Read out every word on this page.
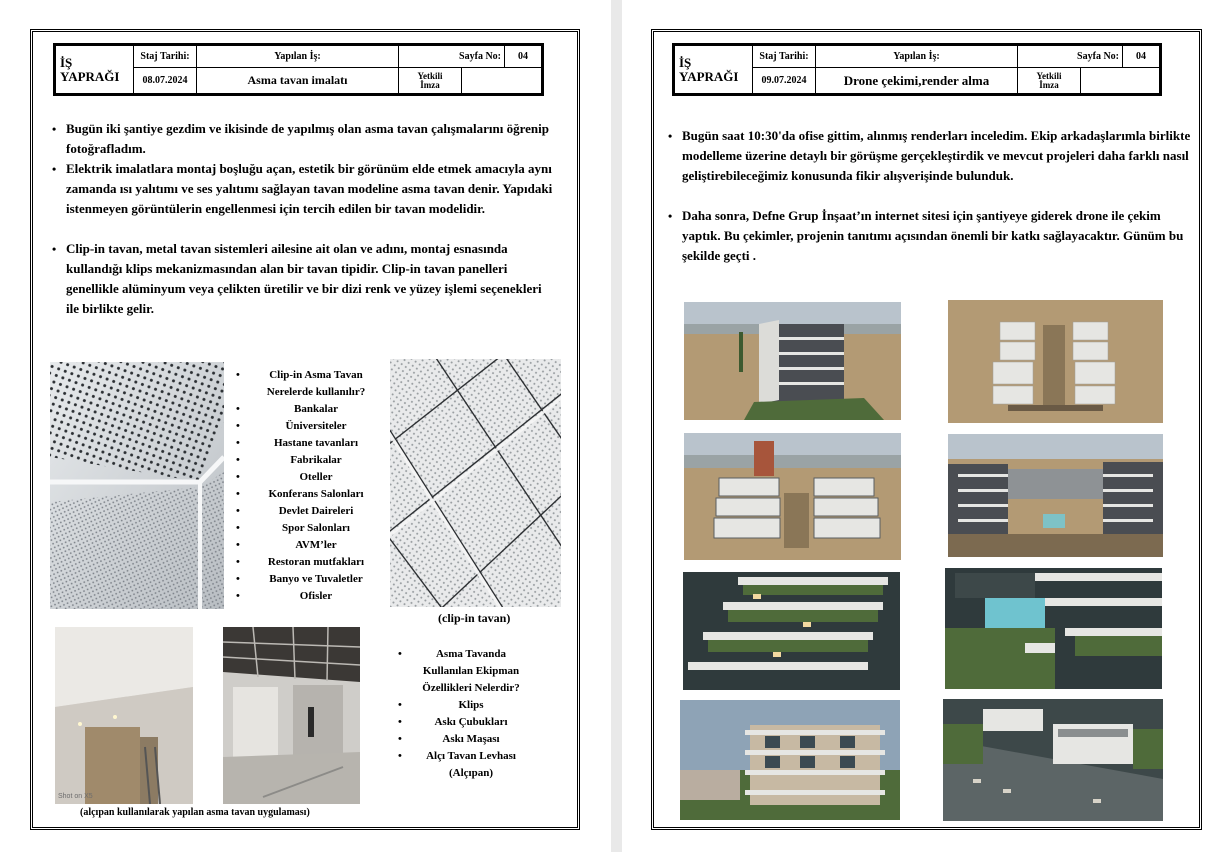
İŞ
YAPRAĞI	Staj Tarihi:	Yapılan İş:	Sayfa No:		04
	08.07.2024	Asma tavan imalatı	Yetkili
İmza		

• Bugün iki şantiye gezdim ve ikisinde de yapılmış olan asma tavan çalışmalarını öğrenip fotoğrafladım.
• Elektrik imalatlara montaj boşluğu açan, estetik bir görünüm elde etmek amacıyla aynı zamanda ısı yalıtımı ve ses yalıtımı sağlayan tavan modeline asma tavan denir. Yapıdaki istenmeyen görüntülerin engellenmesi için tercih edilen bir tavan modelidir.
• Clip-in tavan, metal tavan sistemleri ailesine ait olan ve adını, montaj esnasında kullandığı klips mekanizmasından alan bir tavan tipidir. Clip-in tavan panelleri genellikle alüminyum veya çelikten üretilir ve bir dizi renk ve yüzey işlemi seçenekleri ile birlikte gelir.
• Clip-in Asma Tavan Nerelerde kullanılır?
• Bankalar
• Üniversiteler
• Hastane tavanları
• Fabrikalar
• Oteller
• Konferans Salonları
• Devlet Daireleri
• Spor Salonları
• AVM’ler
• Restoran mutfakları
• Banyo ve Tuvaletler
• Ofisler
(clip-in tavan)
Shot on X5
• Asma Tavanda Kullanılan Ekipman Özellikleri Nelerdir?
• Klips
• Askı Çubukları
• Askı Maşası
• Alçı Tavan Levhası (Alçıpan)
(alçıpan kullanılarak yapılan asma tavan uygulaması)
İŞ
YAPRAĞI	Staj Tarihi:	Yapılan İş:	Sayfa No:		04
	09.07.2024	Drone çekimi,render alma	Yetkili
İmza		

• Bugün saat 10:30'da ofise gittim, alınmış renderları inceledim. Ekip arkadaşlarımla birlikte modelleme üzerine detaylı bir görüşme gerçekleştirdik ve mevcut projeleri daha farklı nasıl geliştirebileceğimiz konusunda fikir alışverişinde bulunduk.
• Daha sonra, Defne Grup İnşaat’ın internet sitesi için şantiyeye giderek drone ile çekim yaptık. Bu çekimler, projenin tanıtımı açısından önemli bir katkı sağlayacaktır. Günüm bu şekilde geçti .
